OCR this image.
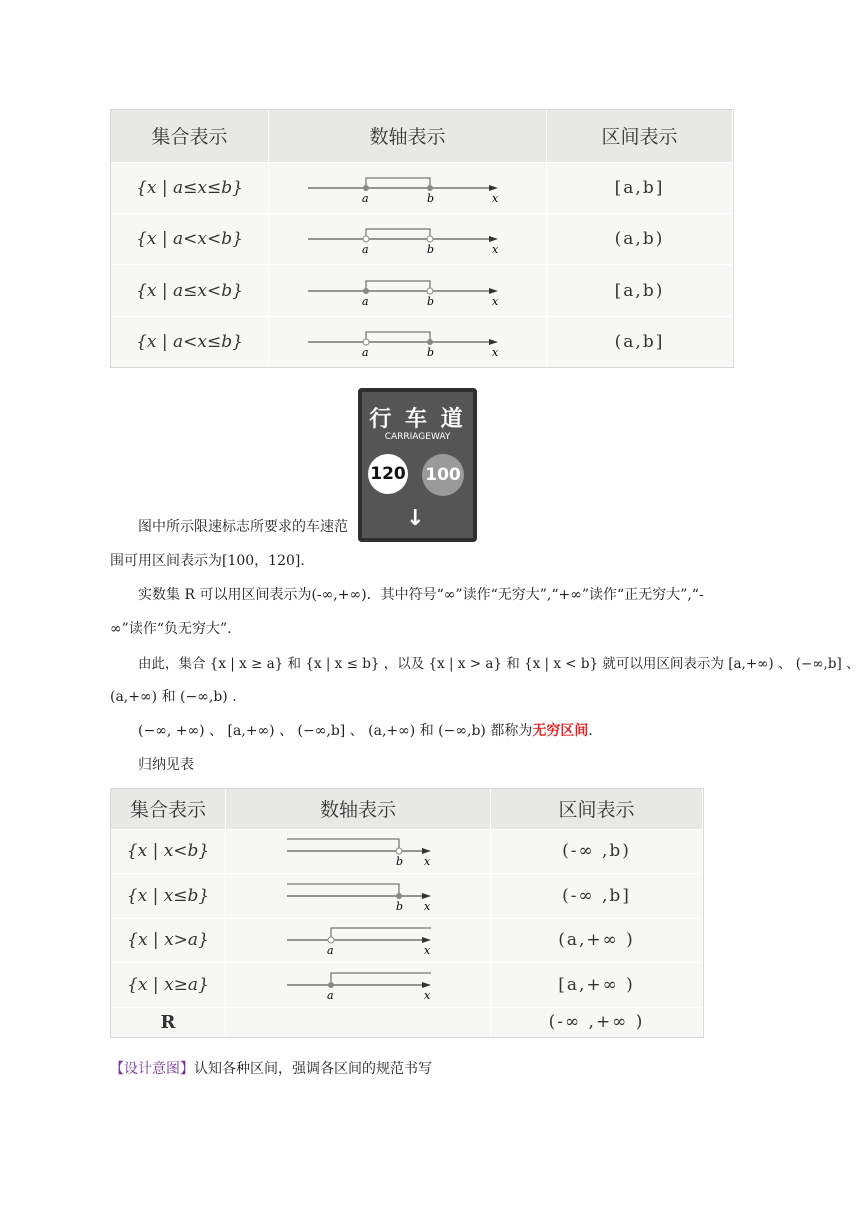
集合表示	数轴表示	区间表示
{x | a≤x≤b}	a b x	[a,b]
{x | a<x<b}	a b x	(a,b)
{x | a≤x<b}	a b x	[a,b)
{x | a<x≤b}	a b x	(a,b]
行 车 道
CARRIAGEWAY
120 100
↓
图中所示限速标志所要求的车速范
围可用区间表示为[100，120].
实数集 R 可以用区间表示为(-∞,+∞)．其中符号“∞”读作“无穷大”,“+∞”读作“正无穷大”,“-
∞”读作“负无穷大”.
由此，集合 {x | x ≥ a} 和 {x | x ≤ b} ，以及 {x | x > a} 和 {x | x < b} 就可以用区间表示为 [a,+∞) 、 (−∞,b] 、
(a,+∞) 和 (−∞,b) .
(−∞, +∞) 、 [a,+∞) 、 (−∞,b] 、 (a,+∞) 和 (−∞,b) 都称为无穷区间.
归纳见表
集合表示	数轴表示	区间表示
{x | x<b}	b x	(-∞ ,b)
{x | x≤b}	b x	(-∞ ,b]
{x | x>a}	a x	(a,+∞ )
{x | x≥a}	a x	[a,+∞ )
R		(-∞ ,+∞ )
【设计意图】认知各种区间，强调各区间的规范书写
